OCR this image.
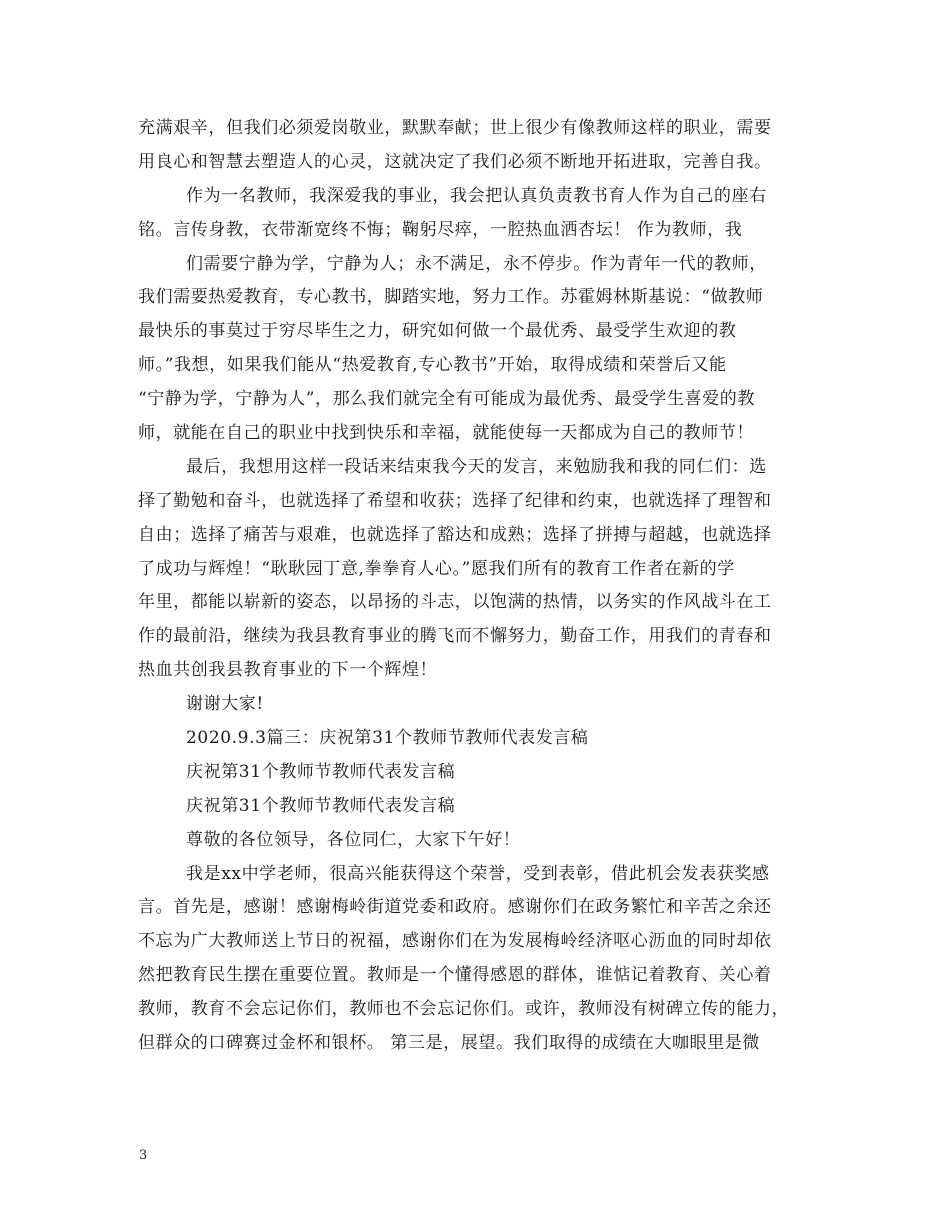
充满艰辛，但我们必须爱岗敬业，默默奉献；世上很少有像教师这样的职业，需要
用良心和智慧去塑造人的心灵，这就决定了我们必须不断地开拓进取，完善自我。
作为一名教师，我深爱我的事业，我会把认真负责教书育人作为自己的座右
铭。言传身教，衣带渐宽终不悔；鞠躬尽瘁，一腔热血洒杏坛！ 作为教师，我
们需要宁静为学，宁静为人；永不满足，永不停步。作为青年一代的教师，
我们需要热爱教育，专心教书，脚踏实地，努力工作。苏霍姆林斯基说：“做教师
最快乐的事莫过于穷尽毕生之力，研究如何做一个最优秀、最受学生欢迎的教
师。”我想，如果我们能从“热爱教育,专心教书”开始，取得成绩和荣誉后又能
“宁静为学，宁静为人”，那么我们就完全有可能成为最优秀、最受学生喜爱的教
师，就能在自己的职业中找到快乐和幸福，就能使每一天都成为自己的教师节！
最后，我想用这样一段话来结束我今天的发言，来勉励我和我的同仁们：选
择了勤勉和奋斗，也就选择了希望和收获；选择了纪律和约束，也就选择了理智和
自由；选择了痛苦与艰难，也就选择了豁达和成熟；选择了拼搏与超越，也就选择
了成功与辉煌！“耿耿园丁意,拳拳育人心。”愿我们所有的教育工作者在新的学
年里，都能以崭新的姿态，以昂扬的斗志，以饱满的热情，以务实的作风战斗在工
作的最前沿，继续为我县教育事业的腾飞而不懈努力，勤奋工作，用我们的青春和
热血共创我县教育事业的下一个辉煌！
谢谢大家!
2020.9.3篇三：庆祝第31个教师节教师代表发言稿
庆祝第31个教师节教师代表发言稿
庆祝第31个教师节教师代表发言稿
尊敬的各位领导，各位同仁，大家下午好！
我是xx中学老师，很高兴能获得这个荣誉，受到表彰，借此机会发表获奖感
言。首先是，感谢！感谢梅岭街道党委和政府。感谢你们在政务繁忙和辛苦之余还
不忘为广大教师送上节日的祝福，感谢你们在为发展梅岭经济呕心沥血的同时却依
然把教育民生摆在重要位置。教师是一个懂得感恩的群体，谁惦记着教育、关心着
教师，教育不会忘记你们，教师也不会忘记你们。或许，教师没有树碑立传的能力，
但群众的口碑赛过金杯和银杯。 第三是，展望。我们取得的成绩在大咖眼里是微
3
